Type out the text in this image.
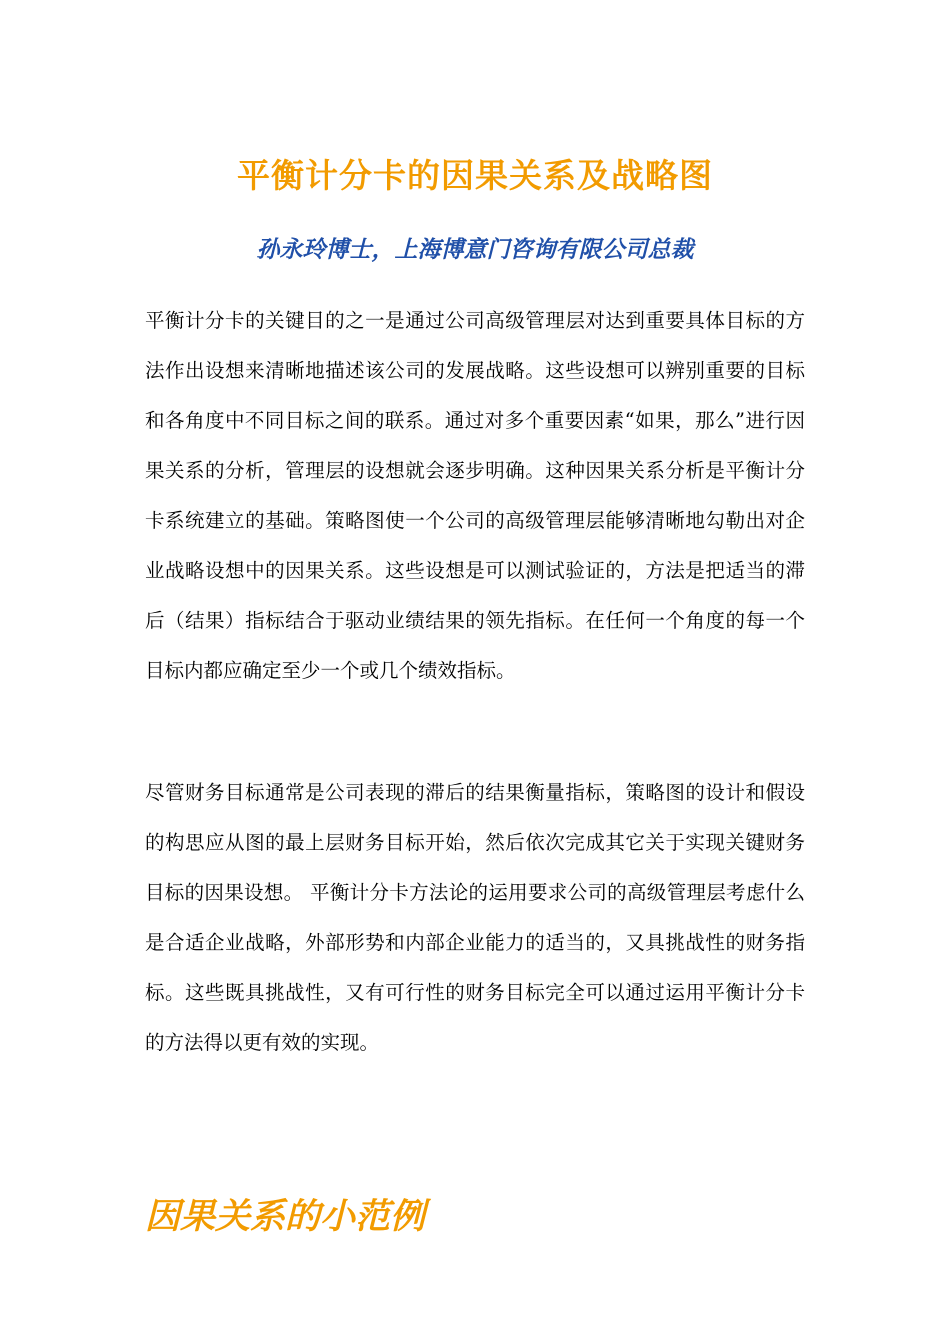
平衡计分卡的因果关系及战略图
孙永玲博士，上海博意门咨询有限公司总裁

平衡计分卡的关键目的之一是通过公司高级管理层对达到重要具体目标的方法作出设想来清晰地描述该公司的发展战略。这些设想可以辨别重要的目标和各角度中不同目标之间的联系。通过对多个重要因素“如果，那么”进行因果关系的分析，管理层的设想就会逐步明确。这种因果关系分析是平衡计分卡系统建立的基础。策略图使一个公司的高级管理层能够清晰地勾勒出对企业战略设想中的因果关系。这些设想是可以测试验证的，方法是把适当的滞后（结果）指标结合于驱动业绩结果的领先指标。在任何一个角度的每一个目标内都应确定至少一个或几个绩效指标。

尽管财务目标通常是公司表现的滞后的结果衡量指标，策略图的设计和假设的构思应从图的最上层财务目标开始，然后依次完成其它关于实现关键财务目标的因果设想。 平衡计分卡方法论的运用要求公司的高级管理层考虑什么是合适企业战略，外部形势和内部企业能力的适当的，又具挑战性的财务指标。这些既具挑战性，又有可行性的财务目标完全可以通过运用平衡计分卡的方法得以更有效的实现。

因果关系的小范例
